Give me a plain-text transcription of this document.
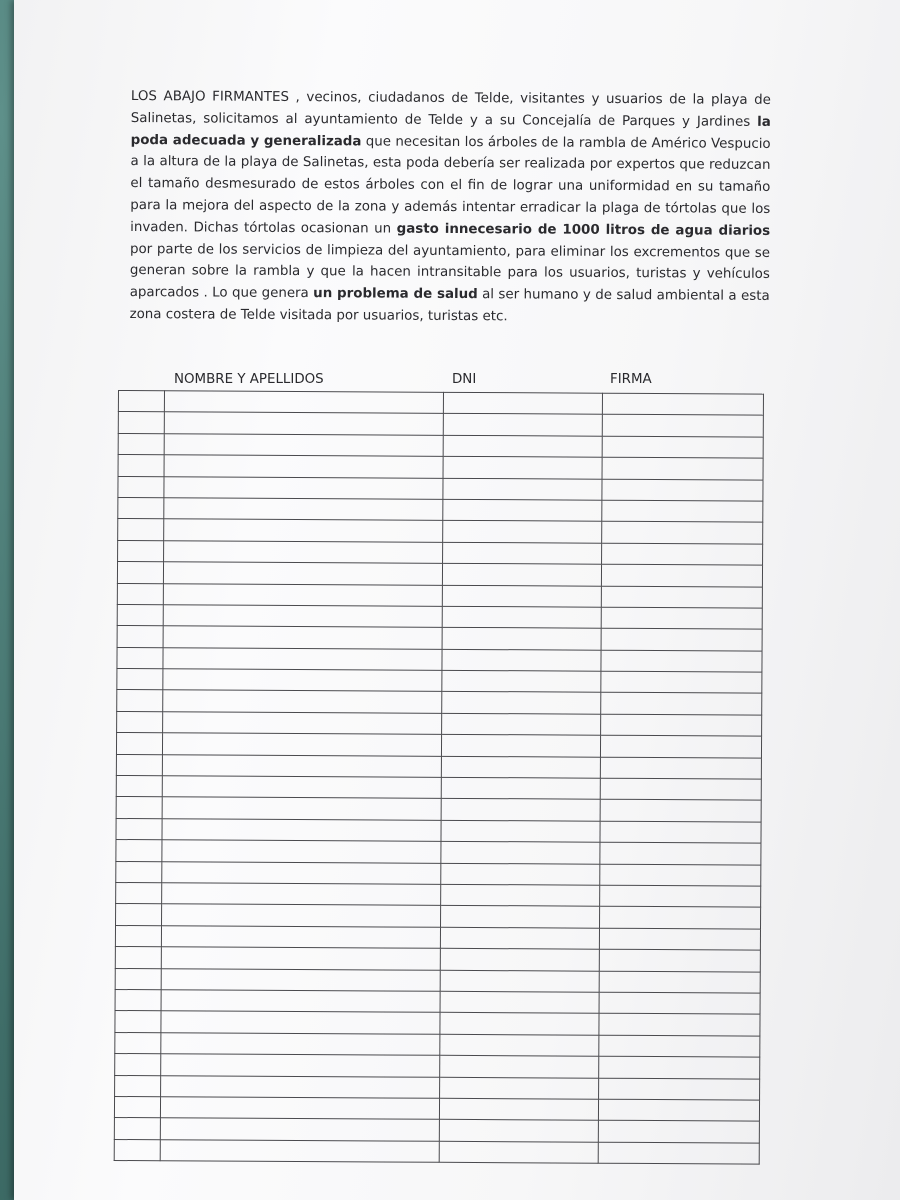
LOS ABAJO FIRMANTES , vecinos, ciudadanos de Telde, visitantes y usuarios de la playa de Salinetas, solicitamos al ayuntamiento de Telde y a su Concejalía de Parques y Jardines la poda adecuada y generalizada que necesitan los árboles de la rambla de Américo Vespucio a la altura de la playa de Salinetas, esta poda debería ser realizada por expertos que reduzcan el tamaño desmesurado de estos árboles con el fin de lograr una uniformidad en su tamaño para la mejora del aspecto de la zona y además intentar erradicar la plaga de tórtolas que los invaden. Dichas tórtolas ocasionan un gasto innecesario de 1000 litros de agua diarios por parte de los servicios de limpieza del ayuntamiento, para eliminar los excrementos que se generan sobre la rambla y que la hacen intransitable para los usuarios, turistas y vehículos aparcados . Lo que genera un problema de salud al ser humano y de salud ambiental a esta zona costera de Telde visitada por usuarios, turistas etc.

NOMBRE Y APELLIDOS	DNI	FIRMA
